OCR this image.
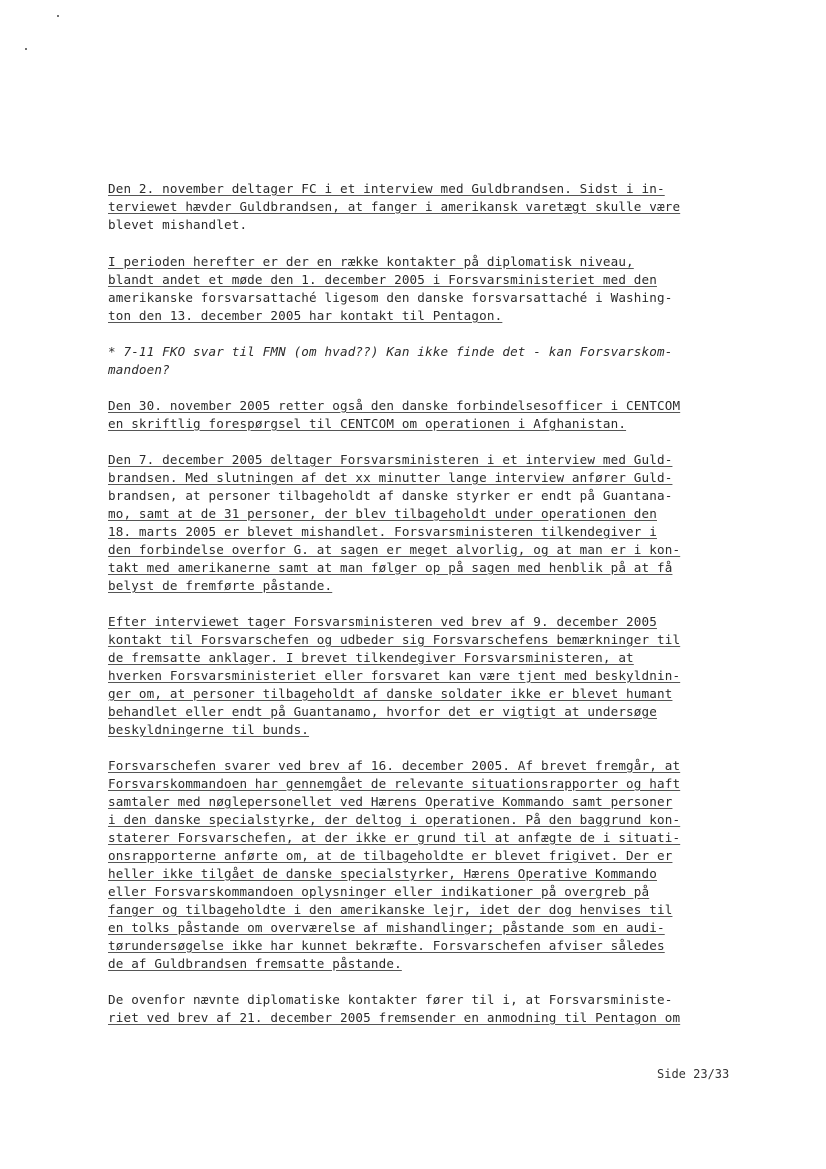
Den 2. november deltager FC i et interview med Guldbrandsen. Sidst i in-
terviewet hævder Guldbrandsen, at fanger i amerikansk varetægt skulle være
blevet mishandlet.
I perioden herefter er der en række kontakter på diplomatisk niveau,
blandt andet et møde den 1. december 2005 i Forsvarsministeriet med den
amerikanske forsvarsattaché ligesom den danske forsvarsattaché i Washing-
ton den 13. december 2005 har kontakt til Pentagon.
* 7-11 FKO svar til FMN (om hvad??) Kan ikke finde det - kan Forsvarskom-
mandoen?
Den 30. november 2005 retter også den danske forbindelsesofficer i CENTCOM
en skriftlig forespørgsel til CENTCOM om operationen i Afghanistan.
Den 7. december 2005 deltager Forsvarsministeren i et interview med Guld-
brandsen. Med slutningen af det xx minutter lange interview anfører Guld-
brandsen, at personer tilbageholdt af danske styrker er endt på Guantana-
mo, samt at de 31 personer, der blev tilbageholdt under operationen den
18. marts 2005 er blevet mishandlet. Forsvarsministeren tilkendegiver i
den forbindelse overfor G. at sagen er meget alvorlig, og at man er i kon-
takt med amerikanerne samt at man følger op på sagen med henblik på at få
belyst de fremførte påstande.
Efter interviewet tager Forsvarsministeren ved brev af 9. december 2005
kontakt til Forsvarschefen og udbeder sig Forsvarschefens bemærkninger til
de fremsatte anklager. I brevet tilkendegiver Forsvarsministeren, at
hverken Forsvarsministeriet eller forsvaret kan være tjent med beskyldnin-
ger om, at personer tilbageholdt af danske soldater ikke er blevet humant
behandlet eller endt på Guantanamo, hvorfor det er vigtigt at undersøge
beskyldningerne til bunds.
Forsvarschefen svarer ved brev af 16. december 2005. Af brevet fremgår, at
Forsvarskommandoen har gennemgået de relevante situationsrapporter og haft
samtaler med nøglepersonellet ved Hærens Operative Kommando samt personer
i den danske specialstyrke, der deltog i operationen. På den baggrund kon-
staterer Forsvarschefen, at der ikke er grund til at anfægte de i situati-
onsrapporterne anførte om, at de tilbageholdte er blevet frigivet. Der er
heller ikke tilgået de danske specialstyrker, Hærens Operative Kommando
eller Forsvarskommandoen oplysninger eller indikationer på overgreb på
fanger og tilbageholdte i den amerikanske lejr, idet der dog henvises til
en tolks påstande om overværelse af mishandlinger; påstande som en audi-
tørundersøgelse ikke har kunnet bekræfte. Forsvarschefen afviser således
de af Guldbrandsen fremsatte påstande.
De ovenfor nævnte diplomatiske kontakter fører til i, at Forsvarsministe-
riet ved brev af 21. december 2005 fremsender en anmodning til Pentagon om
Side 23/33
